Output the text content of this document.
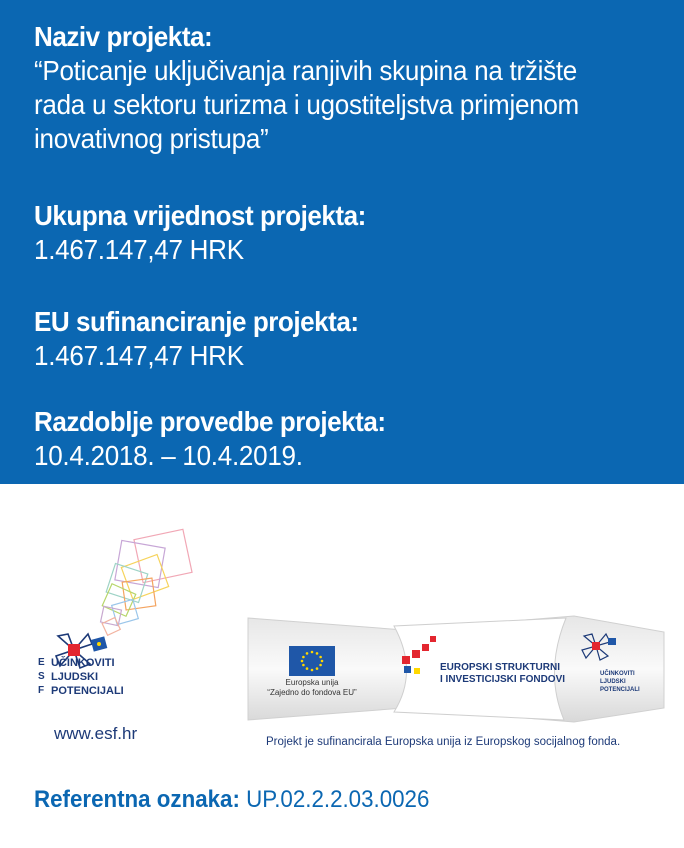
Naziv projekta:
“Poticanje uključivanja ranjivih skupina na tržište rada u sektoru turizma i ugostiteljstva primjenom inovativnog pristupa”
Ukupna vrijednost projekta:
1.467.147,47 HRK
EU sufinanciranje projekta:
1.467.147,47 HRK
Razdoblje provedbe projekta:
10.4.2018. – 10.4.2019.
E
S
F
UČINKOVITI
LJUDSKI
POTENCIJALI
www.esf.hr
Europska unija
“Zajedno do fondova EU”
EUROPSKI STRUKTURNI
I INVESTICIJSKI FONDOVI	UČINKOVITI
LJUDSKI
POTENCIJALI
Projekt je sufinancirala Europska unija iz Europskog socijalnog fonda.
Referentna oznaka: UP.02.2.2.03.0026
